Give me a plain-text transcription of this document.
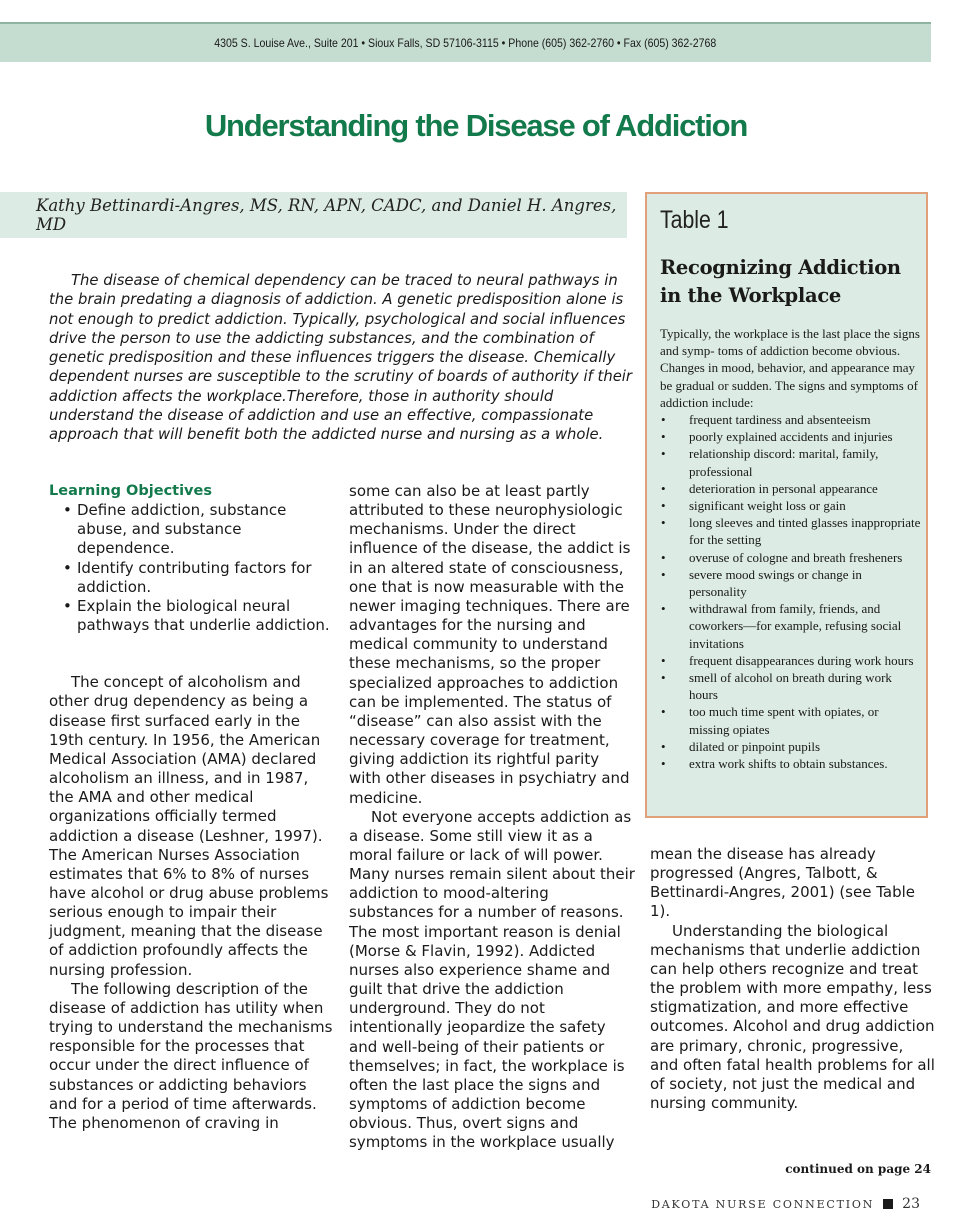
4305 S. Louise Ave., Suite 201 • Sioux Falls, SD 57106-3115 • Phone (605) 362-2760 • Fax (605) 362-2768
Understanding the Disease of Addiction
Kathy Bettinardi-Angres, MS, RN, APN, CADC, and Daniel H. Angres, MD

The disease of chemical dependency can be traced to neural pathways in the brain predating a diagnosis of addiction. A genetic predisposition alone is not enough to predict addiction. Typically, psychological and social influences drive the person to use the addicting substances, and the combination of genetic predisposition and these influences triggers the disease. Chemically dependent nurses are susceptible to the scrutiny of boards of authority if their addiction affects the workplace.Therefore, those in authority should understand the disease of addiction and use an effective, compassionate approach that will benefit both the addicted nurse and nursing as a whole.

Learning Objectives

• Define addiction, substance abuse, and substance dependence.
• Identify contributing factors for addiction.
• Explain the biological neural pathways that underlie addiction.

The concept of alcoholism and other drug dependency as being a disease first surfaced early in the 19th century. In 1956, the American Medical Association (AMA) declared alcoholism an illness, and in 1987, the AMA and other medical organizations officially termed addiction a disease (Leshner, 1997). The American Nurses Association estimates that 6% to 8% of nurses have alcohol or drug abuse problems serious enough to impair their judgment, meaning that the disease of addiction profoundly affects the nursing profession.

The following description of the disease of addiction has utility when trying to understand the mechanisms responsible for the processes that occur under the direct influence of substances or addicting behaviors and for a period of time afterwards. The phenomenon of craving in

some can also be at least partly attributed to these neurophysiologic mechanisms. Under the direct influence of the disease, the addict is in an altered state of consciousness, one that is now measurable with the newer imaging techniques. There are advantages for the nursing and medical community to understand these mechanisms, so the proper specialized approaches to addiction can be implemented. The status of “disease” can also assist with the necessary coverage for treatment, giving addiction its rightful parity with other diseases in psychiatry and medicine.

Not everyone accepts addiction as a disease. Some still view it as a moral failure or lack of will power. Many nurses remain silent about their addiction to mood-altering substances for a number of reasons. The most important reason is denial (Morse & Flavin, 1992). Addicted nurses also experience shame and guilt that drive the addiction underground. They do not intentionally jeopardize the safety and well-being of their patients or themselves; in fact, the workplace is often the last place the signs and symptoms of addiction become obvious. Thus, overt signs and symptoms in the workplace usually

mean the disease has already progressed (Angres, Talbott, & Bettinardi-Angres, 2001) (see Table 1).

Understanding the biological mechanisms that underlie addiction can help others recognize and treat the problem with more empathy, less stigmatization, and more effective outcomes. Alcohol and drug addiction are primary, chronic, progressive, and often fatal health problems for all of society, not just the medical and nursing community.

Table 1
Recognizing Addiction in the Workplace

Typically, the workplace is the last place the signs and symp- toms of addiction become obvious. Changes in mood, behavior, and appearance may be gradual or sudden. The signs and symptoms of addiction include:

• frequent tardiness and absenteeism
• poorly explained accidents and injuries
• relationship discord: marital, family, professional
• deterioration in personal appearance
• significant weight loss or gain
• long sleeves and tinted glasses inappropriate for the setting
• overuse of cologne and breath fresheners
• severe mood swings or change in personality
• withdrawal from family, friends, and coworkers—for example, refusing social invitations
• frequent disappearances during work hours
• smell of alcohol on breath during work hours
• too much time spent with opiates, or missing opiates
• dilated or pinpoint pupils
• extra work shifts to obtain substances.
continued on page 24
DAKOTA NURSE CONNECTION 23
